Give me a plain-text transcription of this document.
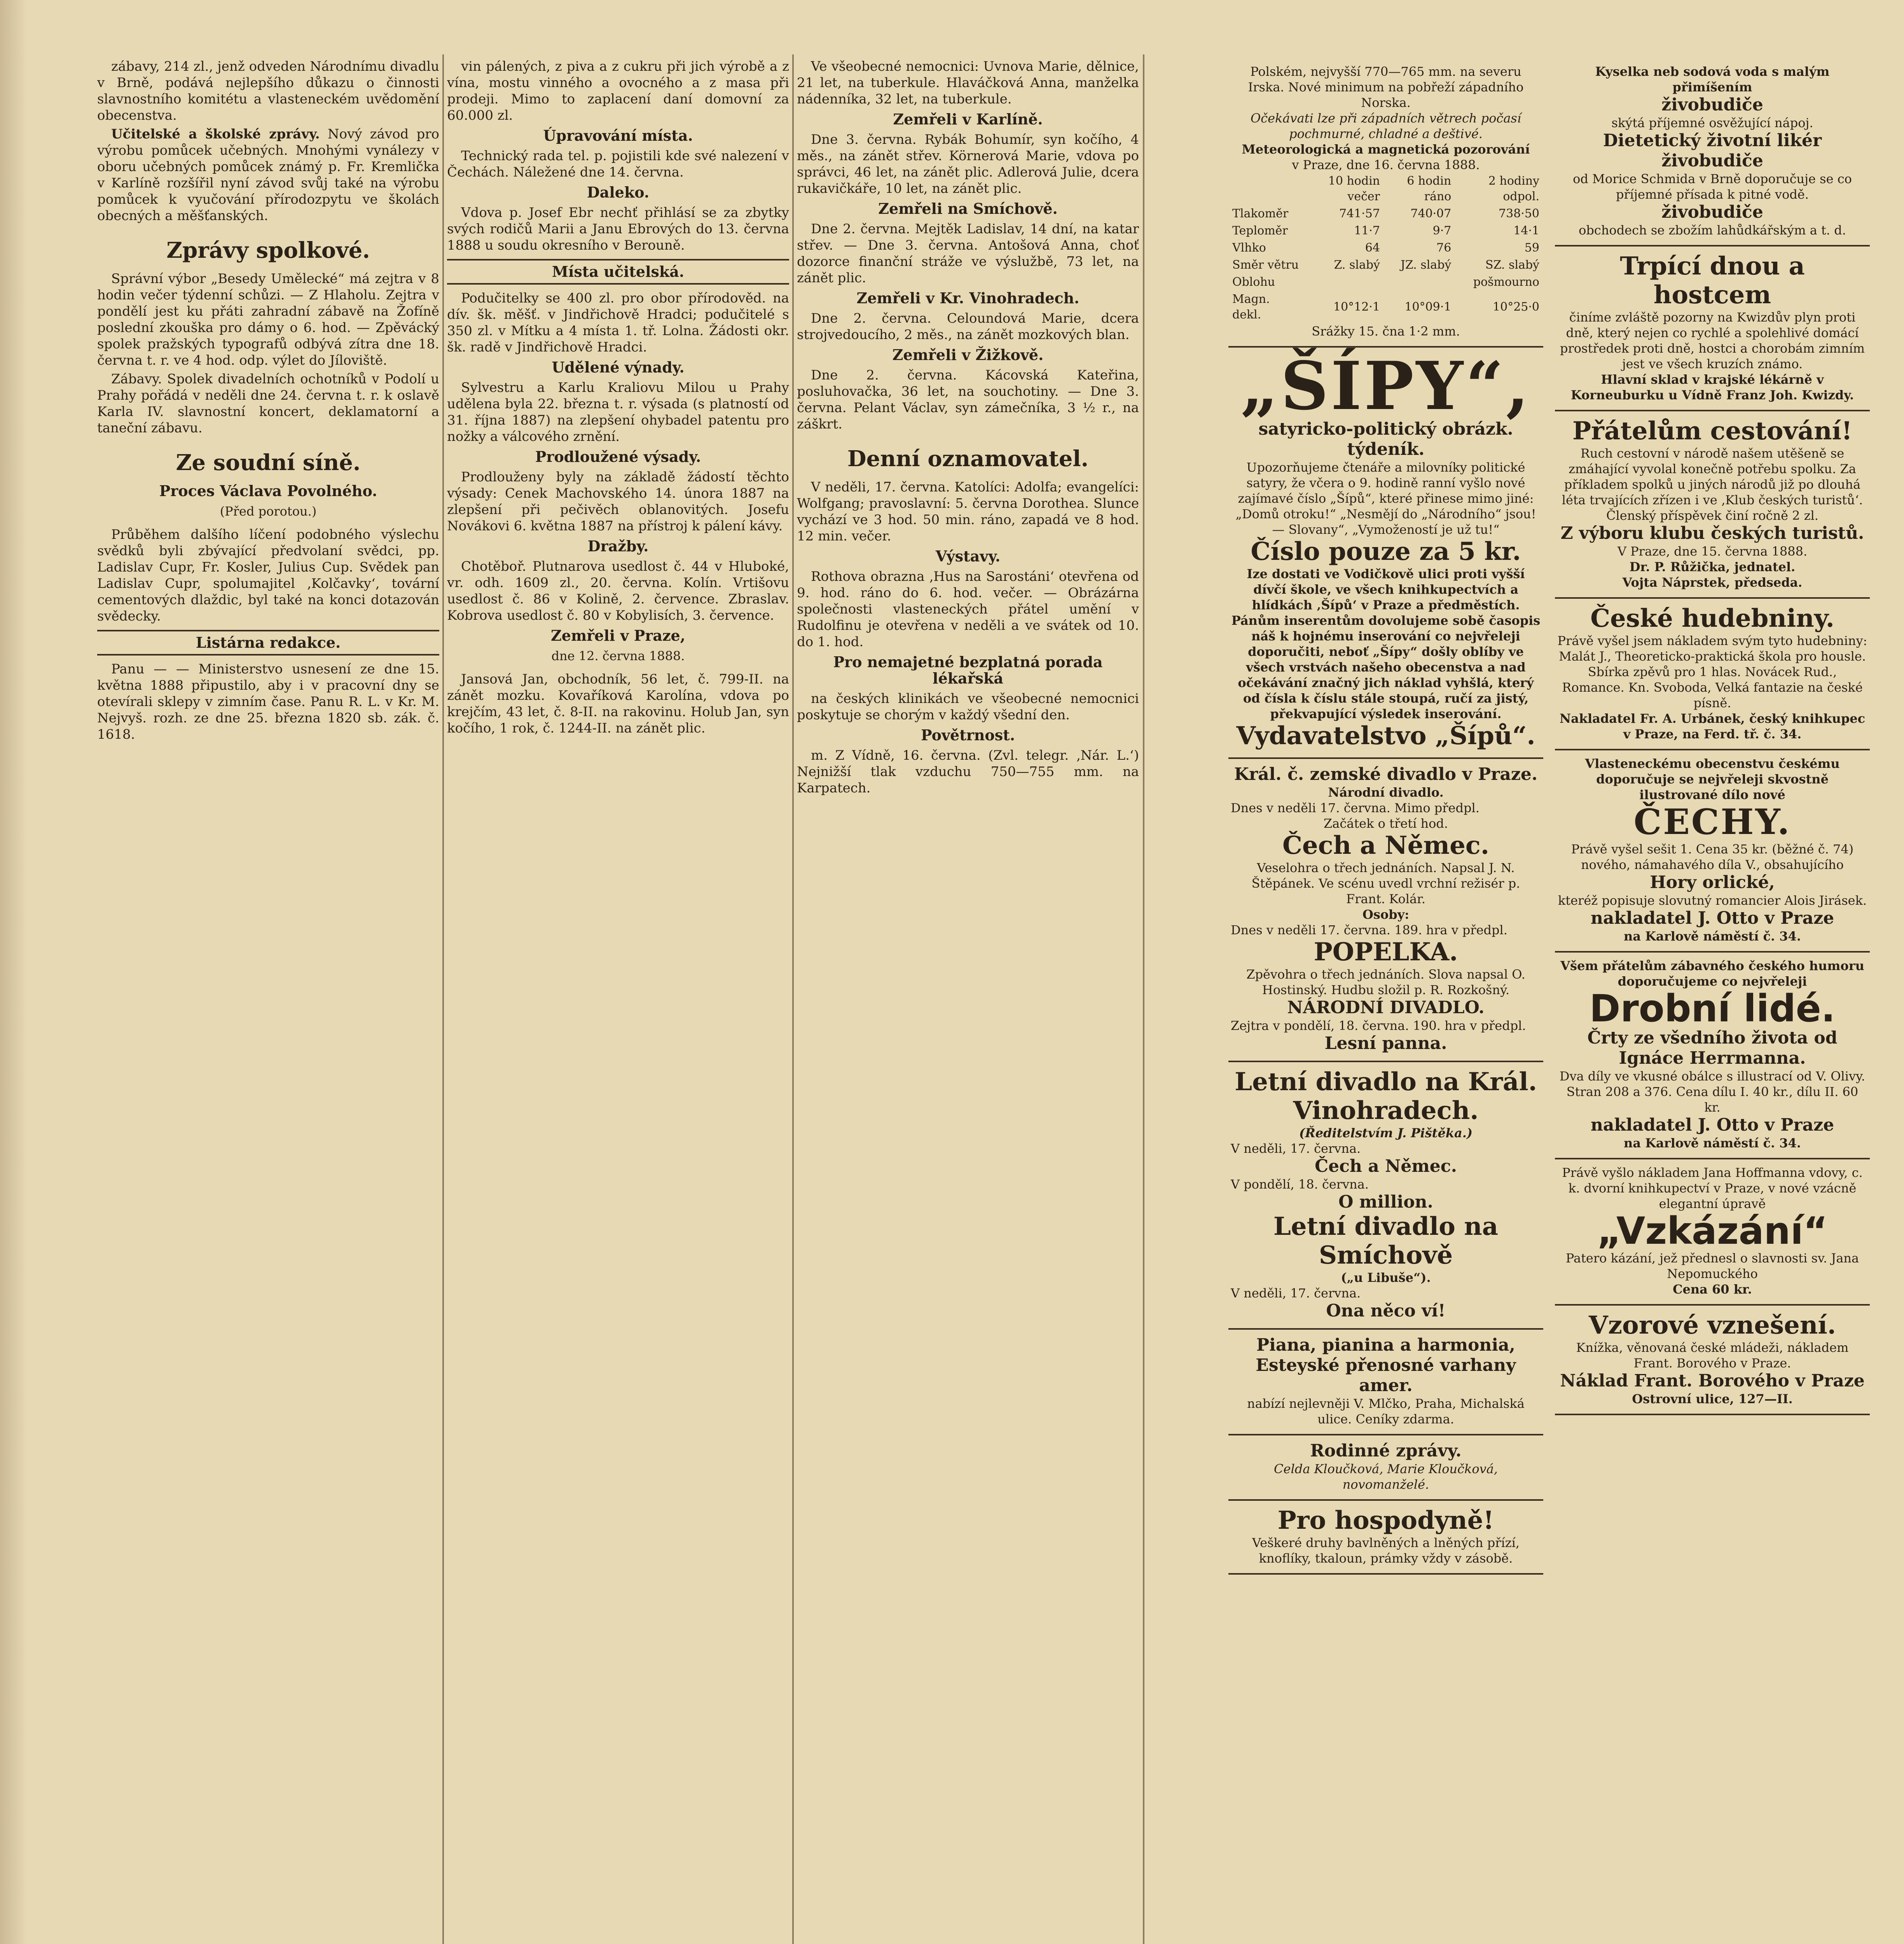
zábavy, 214 zl., jenž odveden Národnímu divadlu v Brně, podává nejlepšího důkazu o činnosti slavnostního komitétu a vlasteneckém uvědomění obecenstva.

Učitelské a školské zprávy. Nový závod pro výrobu pomůcek učebných. Mnohými vynálezy v oboru učebných pomůcek známý p. Fr. Kremlička v Karlíně rozšířil nyní závod svůj také na výrobu pomůcek k vyučování přírodozpytu ve školách obecných a měšťanských.

Zprávy spolkové.

Správní výbor „Besedy Umělecké“ má zejtra v 8 hodin večer týdenní schůzi. — Z Hlaholu. Zejtra v pondělí jest ku přáti zahradní zábavě na Žofíně poslední zkouška pro dámy o 6. hod. — Zpěvácký spolek pražských typografů odbývá zítra dne 18. června t. r. ve 4 hod. odp. výlet do Jíloviště.

Zábavy. Spolek divadelních ochotníků v Podolí u Prahy pořádá v neděli dne 24. června t. r. k oslavě Karla IV. slavnostní koncert, deklamatorní a taneční zábavu.

Ze soudní síně.
Proces Václava Povolného.
(Před porotou.)

Průběhem dalšího líčení podobného výslechu svědků byli zbývající předvolaní svědci, pp. Ladislav Cupr, Fr. Kosler, Julius Cup. Svědek pan Ladislav Cupr, spolumajitel ‚Kolčavky‘, tovární cementových dlaždic, byl také na konci dotazován svědecky.

Listárna redakce.

Panu — — Ministerstvo usnesení ze dne 15. května 1888 připustilo, aby i v pracovní dny se otevírali sklepy v zimním čase. Panu R. L. v Kr. M. Nejvyš. rozh. ze dne 25. března 1820 sb. zák. č. 1618.

vin pálených, z piva a z cukru při jich výrobě a z vína, mostu vinného a ovocného a z masa při prodeji. Mimo to zaplacení daní domovní za 60.000 zl.

Úpravování místa.

Technický rada tel. p. pojistili kde své nalezení v Čechách. Náležené dne 14. června.

Daleko.

Vdova p. Josef Ebr nechť přihlásí se za zbytky svých rodičů Marii a Janu Ebrových do 13. června 1888 u soudu okresního v Berouně.

Místa učitelská.

Podučitelky se 400 zl. pro obor přírodověd. na dív. šk. měšť. v Jindřichově Hradci; podučitelé s 350 zl. v Mítku a 4 místa 1. tř. Lolna. Žádosti okr. šk. radě v Jindřichově Hradci.

Udělené výnady.

Sylvestru a Karlu Kraliovu Milou u Prahy udělena byla 22. března t. r. výsada (s platností od 31. října 1887) na zlepšení ohybadel patentu pro nožky a válcového zrnění.

Prodloužené výsady.

Prodlouženy byly na základě žádostí těchto výsady: Cenek Machovského 14. února 1887 na zlepšení při pečivěch oblanovitých. Josefu Novákovi 6. května 1887 na přístroj k pálení kávy.

Dražby.

Chotěboř. Plutnarova usedlost č. 44 v Hluboké, vr. odh. 1609 zl., 20. června. Kolín. Vrtišovu usedlost č. 86 v Kolině, 2. července. Zbraslav. Kobrova usedlost č. 80 v Kobylisích, 3. července.

Zemřeli v Praze,
dne 12. června 1888.

Jansová Jan, obchodník, 56 let, č. 799-II. na zánět mozku. Kovaříková Karolína, vdova po krejčím, 43 let, č. 8-II. na rakovinu. Holub Jan, syn kočího, 1 rok, č. 1244-II. na zánět plic.

Ve všeobecné nemocnici: Uvnova Marie, dělnice, 21 let, na tuberkule. Hlaváčková Anna, manželka nádenníka, 32 let, na tuberkule.

Zemřeli v Karlíně.

Dne 3. června. Rybák Bohumír, syn kočího, 4 měs., na zánět střev. Körnerová Marie, vdova po správci, 46 let, na zánět plic. Adlerová Julie, dcera rukavičkáře, 10 let, na zánět plic.

Zemřeli na Smíchově.

Dne 2. června. Mejtěk Ladislav, 14 dní, na katar střev. — Dne 3. června. Antošová Anna, choť dozorce finanční stráže ve výslužbě, 73 let, na zánět plic.

Zemřeli v Kr. Vinohradech.

Dne 2. června. Celoundová Marie, dcera strojvedoucího, 2 měs., na zánět mozkových blan.

Zemřeli v Žižkově.

Dne 2. června. Kácovská Kateřina, posluhovačka, 36 let, na souchotiny. — Dne 3. června. Pelant Václav, syn zámečníka, 3 ½ r., na záškrt.

Denní oznamovatel.

V neděli, 17. června. Katolíci: Adolfa; evangelíci: Wolfgang; pravoslavní: 5. června Dorothea. Slunce vychází ve 3 hod. 50 min. ráno, zapadá ve 8 hod. 12 min. večer.

Výstavy.

Rothova obrazna ‚Hus na Sarostáni‘ otevřena od 9. hod. ráno do 6. hod. večer. — Obrázárna společnosti vlasteneckých přátel umění v Rudolfinu je otevřena v neděli a ve svátek od 10. do 1. hod.

Pro nemajetné bezplatná porada lékařská

na českých klinikách ve všeobecné nemocnici poskytuje se chorým v každý všední den.

Povětrnost.

m. Z Vídně, 16. června. (Zvl. telegr. ‚Nár. L.‘) Nejnižší tlak vzduchu 750—755 mm. na Karpatech.

Polském, nejvyšší 770—765 mm. na severu Irska. Nové minimum na pobřeží západního Norska.
Očekávati lze při západních větrech počasí pochmurné, chladné a deštivé.
Meteorologická a magnetická pozorování
v Praze, dne 16. června 1888.
	10 hodin večer	6 hodin ráno	2 hodiny odpol.
Tlakoměr	741·57	740·07	738·50
Teploměr	11·7	9·7	14·1
Vlhko	64	76	59
Směr větru	Z. slabý	JZ. slabý	SZ. slabý
Oblohu			pošmourno
Magn. dekl.	10°12·1	10°09·1	10°25·0
Srážky 15. čna 1·2 mm.
„ŠÍPY“,
satyricko-politický obrázk. týdeník.
Upozorňujeme čtenáře a milovníky politické satyry, že včera o 9. hodině ranní vyšlo nové zajímavé číslo „Šípů“, které přinese mimo jiné: „Domů otroku!“ „Nesmějí do „Národního“ jsou! — Slovany“, „Vymožeností je už tu!“
Číslo pouze za 5 kr.
Ize dostati ve Vodičkově ulici proti vyšší dívčí škole, ve všech knihkupectvích a hlídkách ‚Šípů‘ v Praze a předměstích.
Pánům inserentům dovolujeme sobě časopis náš k hojnému inserování co nejvřeleji doporučiti, neboť „Šípy“ došly oblíby ve všech vrstvách našeho obecenstva a nad očekávání značný jich náklad vyhšlá, který od čísla k číslu stále stoupá, ručí za jistý, překvapující výsledek inserování.
Vydavatelstvo „Šípů“.
Král. č. zemské divadlo v Praze.
Národní divadlo.
Dnes v neděli 17. června. Mimo předpl.
Začátek o třetí hod.
Čech a Němec.
Veselohra o třech jednáních. Napsal J. N. Štěpánek. Ve scénu uvedl vrchní režisér p. Frant. Kolár.
Osoby:
Dnes v neděli 17. června. 189. hra v předpl.
POPELKA.
Zpěvohra o třech jednáních. Slova napsal O. Hostinský. Hudbu složil p. R. Rozkošný.
NÁRODNÍ DIVADLO.
Zejtra v pondělí, 18. června. 190. hra v předpl.
Lesní panna.
Letní divadlo na Král. Vinohradech.
(Ředitelstvím J. Pištěka.)
V neděli, 17. června.
Čech a Němec.
V pondělí, 18. června.
O million.
Letní divadlo na Smíchově
(„u Libuše“).
V neděli, 17. června.
Ona něco ví!
Piana, pianina a harmonia,
Esteyské přenosné varhany amer.
nabízí nejlevněji V. Mlčko, Praha, Michalská ulice. Ceníky zdarma.
Rodinné zprávy.
Celda Kloučková, Marie Kloučková, novomanželé.
Pro hospodyně!
Veškeré druhy bavlněných a lněných přízí, knoflíky, tkaloun, prámky vždy v zásobě.
Kyselka neb sodová voda s malým přimíšením
živobudiče
skýtá příjemné osvěžující nápoj.
Dietetický životní likér živobudiče
od Morice Schmida v Brně doporučuje se co příjemné přísada k pitné vodě.
živobudiče
obchodech se zbožím lahůdkářským a t. d.
Trpící dnou a hostcem
činíme zvláště pozorny na Kwizdův plyn proti dně, který nejen co rychlé a spolehlivé domácí prostředek proti dně, hostci a chorobám zimním jest ve všech kruzích známo.
Hlavní sklad v krajské lékárně v Korneuburku u Vídně Franz Joh. Kwizdy.
Přátelům cestování!
Ruch cestovní v národě našem utěšeně se zmáhající vyvolal konečně potřebu spolku. Za příkladem spolků u jiných národů již po dlouhá léta trvajících zřízen i ve ‚Klub českých turistů‘. Členský příspěvek činí ročně 2 zl.
Z výboru klubu českých turistů.
V Praze, dne 15. června 1888.
Dr. P. Růžička, jednatel.
Vojta Náprstek, předseda.
České hudebniny.
Právě vyšel jsem nákladem svým tyto hudebniny: Malát J., Theoreticko-praktická škola pro housle. Sbírka zpěvů pro 1 hlas. Novácek Rud., Romance. Kn. Svoboda, Velká fantazie na české písně.
Nakladatel Fr. A. Urbánek, český knihkupec v Praze, na Ferd. tř. č. 34.
Vlasteneckému obecenstvu českému doporučuje se nejvřeleji skvostně ilustrované dílo nové
ČECHY.
Právě vyšel sešit 1. Cena 35 kr. (běžné č. 74) nového, námahavého díla V., obsahujícího
Hory orlické,
kteréž popisuje slovutný romancier Alois Jirásek.
nakladatel J. Otto v Praze
na Karlově náměstí č. 34.
Všem přátelům zábavného českého humoru doporučujeme co nejvřeleji
Drobní lidé.
Črty ze všedního života od Ignáce Herrmanna.
Dva díly ve vkusné obálce s illustrací od V. Olivy. Stran 208 a 376. Cena dílu I. 40 kr., dílu II. 60 kr.
nakladatel J. Otto v Praze
na Karlově náměstí č. 34.
Právě vyšlo nákladem Jana Hoffmanna vdovy, c. k. dvorní knihkupectví v Praze, v nové vzácně elegantní úpravě
„Vzkázání“
Patero kázání, jež přednesl o slavnosti sv. Jana Nepomuckého
Cena 60 kr.
Vzorové vznešení.
Knížka, věnovaná české mládeži, nákladem Frant. Borového v Praze.
Náklad Frant. Borového v Praze
Ostrovní ulice, 127—II.
